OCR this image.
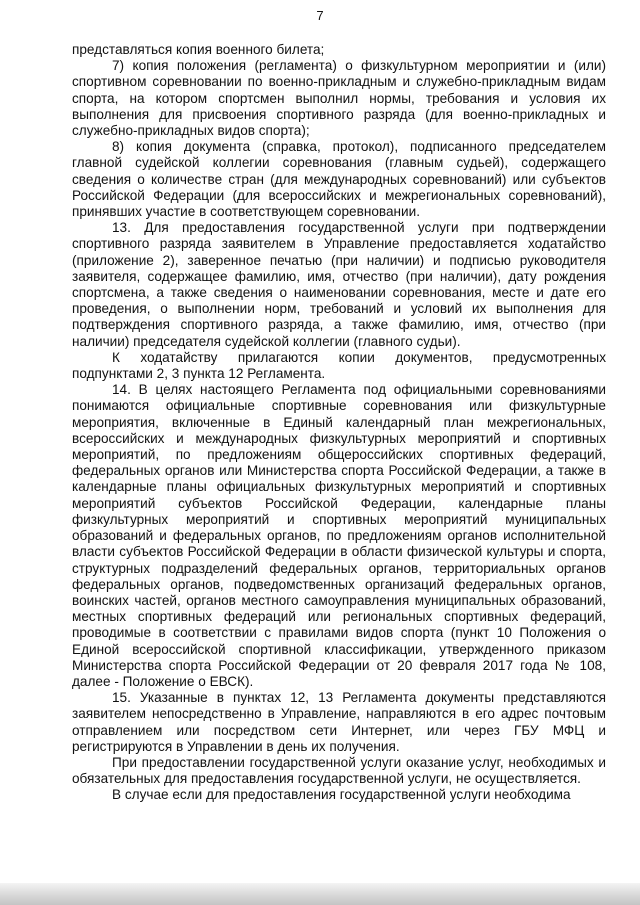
7

представляться копия военного билета;

7) копия положения (регламента) о физкультурном мероприятии и (или) спортивном соревновании по военно-прикладным и служебно-прикладным видам спорта, на котором спортсмен выполнил нормы, требования и условия их выполнения для присвоения спортивного разряда (для военно-прикладных и служебно-прикладных видов спорта);

8) копия документа (справка, протокол), подписанного председателем главной судейской коллегии соревнования (главным судьей), содержащего сведения о количестве стран (для международных соревнований) или субъектов Российской Федерации (для всероссийских и межрегиональных соревнований), принявших участие в соответствующем соревновании.

13. Для предоставления государственной услуги при подтверждении спортивного разряда заявителем в Управление предоставляется ходатайство (приложение 2), заверенное печатью (при наличии) и подписью руководителя заявителя, содержащее фамилию, имя, отчество (при наличии), дату рождения спортсмена, а также сведения о наименовании соревнования, месте и дате его проведения, о выполнении норм, требований и условий их выполнения для подтверждения спортивного разряда, а также фамилию, имя, отчество (при наличии) председателя судейской коллегии (главного судьи).

К ходатайству прилагаются копии документов, предусмотренных подпунктами 2, 3 пункта 12 Регламента.

14. В целях настоящего Регламента под официальными соревнованиями понимаются официальные спортивные соревнования или физкультурные мероприятия, включенные в Единый календарный план межрегиональных, всероссийских и международных физкультурных мероприятий и спортивных мероприятий, по предложениям общероссийских спортивных федераций, федеральных органов или Министерства спорта Российской Федерации, а также в календарные планы официальных физкультурных мероприятий и спортивных мероприятий субъектов Российской Федерации, календарные планы физкультурных мероприятий и спортивных мероприятий муниципальных образований и федеральных органов, по предложениям органов исполнительной власти субъектов Российской Федерации в области физической культуры и спорта, структурных подразделений федеральных органов, территориальных органов федеральных органов, подведомственных организаций федеральных органов, воинских частей, органов местного самоуправления муниципальных образований, местных спортивных федераций или региональных спортивных федераций, проводимые в соответствии с правилами видов спорта (пункт 10 Положения о Единой всероссийской спортивной классификации, утвержденного приказом Министерства спорта Российской Федерации от 20 февраля 2017 года № 108, далее - Положение о ЕВСК).

15. Указанные в пунктах 12, 13 Регламента документы представляются заявителем непосредственно в Управление, направляются в его адрес почтовым отправлением или посредством сети Интернет, или через ГБУ МФЦ и регистрируются в Управлении в день их получения.

При предоставлении государственной услуги оказание услуг, необходимых и обязательных для предоставления государственной услуги, не осуществляется.

В случае если для предоставления государственной услуги необходима
